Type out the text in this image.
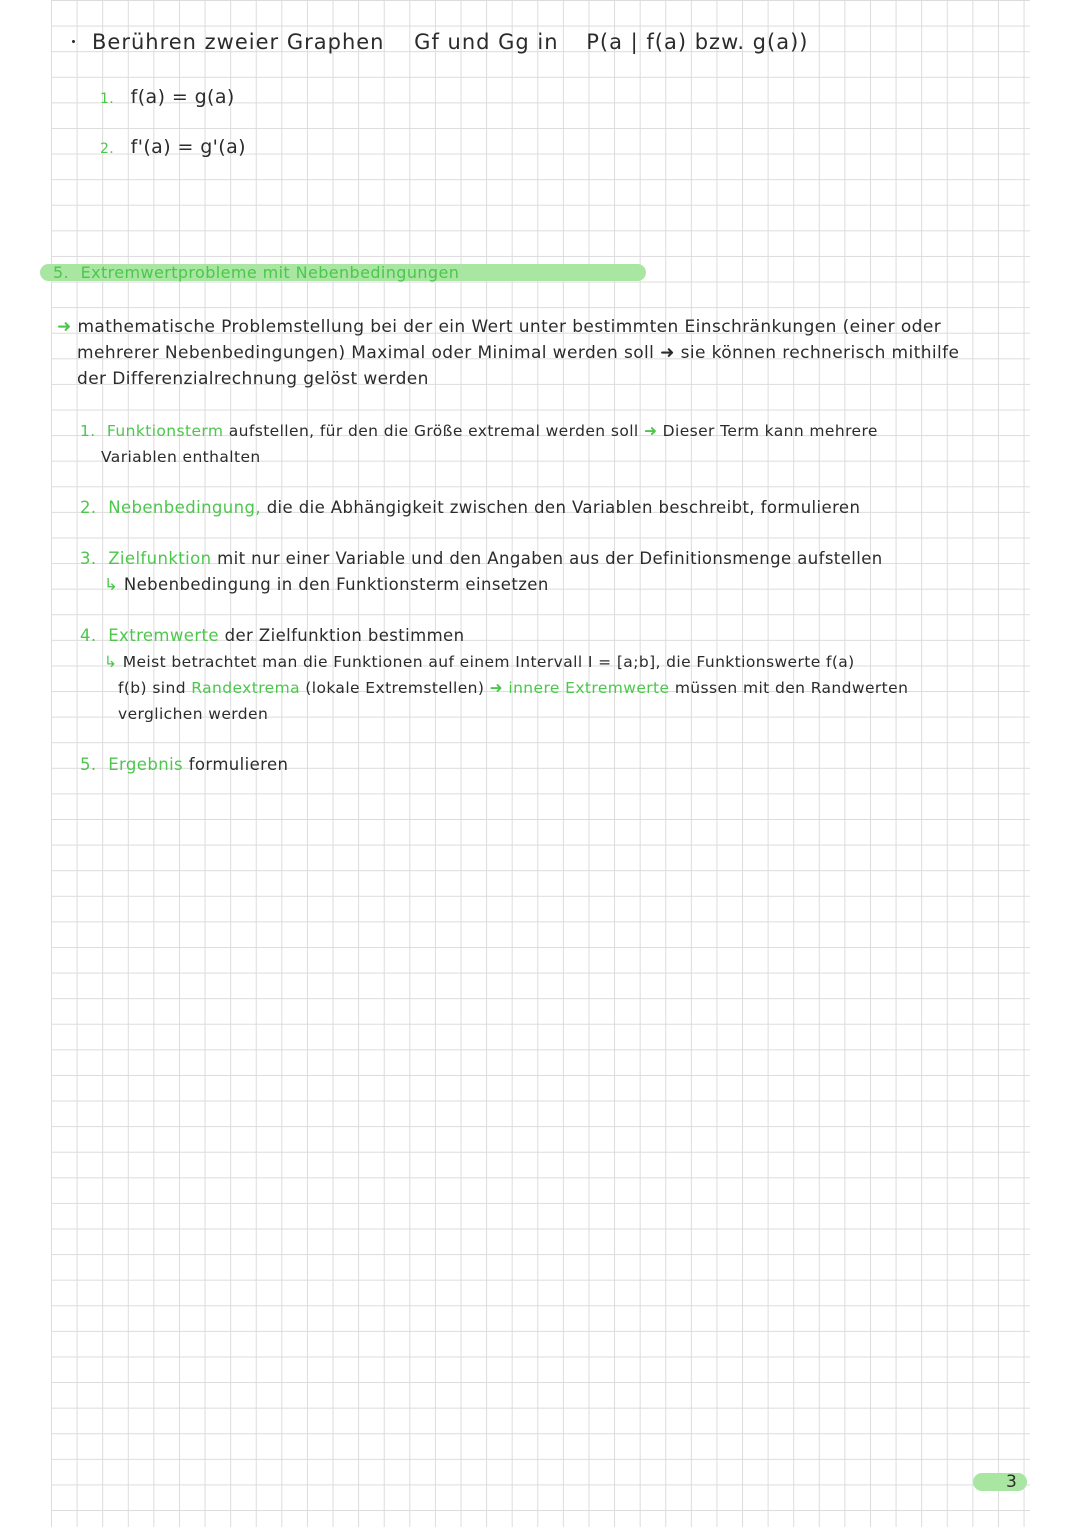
Berühren zweier Graphen Gf und Gg in P(a | f(a) bzw. g(a))
1. f(a) = g(a)
2. f'(a) = g'(a)
5. Extremwertprobleme mit Nebenbedingungen
➜ mathematische Problemstellung bei der ein Wert unter bestimmten Einschränkungen (einer oder
mehrerer Nebenbedingungen) Maximal oder Minimal werden soll ➜ sie können rechnerisch mithilfe
der Differenzialrechnung gelöst werden
1. Funktionsterm aufstellen, für den die Größe extremal werden soll ➜ Dieser Term kann mehrere
Variablen enthalten
2. Nebenbedingung, die die Abhängigkeit zwischen den Variablen beschreibt, formulieren
3. Zielfunktion mit nur einer Variable und den Angaben aus der Definitionsmenge aufstellen
↳ Nebenbedingung in den Funktionsterm einsetzen
4. Extremwerte der Zielfunktion bestimmen
↳ Meist betrachtet man die Funktionen auf einem Intervall I = [a;b], die Funktionswerte f(a)
f(b) sind Randextrema (lokale Extremstellen) ➜ innere Extremwerte müssen mit den Randwerten
verglichen werden
5. Ergebnis formulieren
3
